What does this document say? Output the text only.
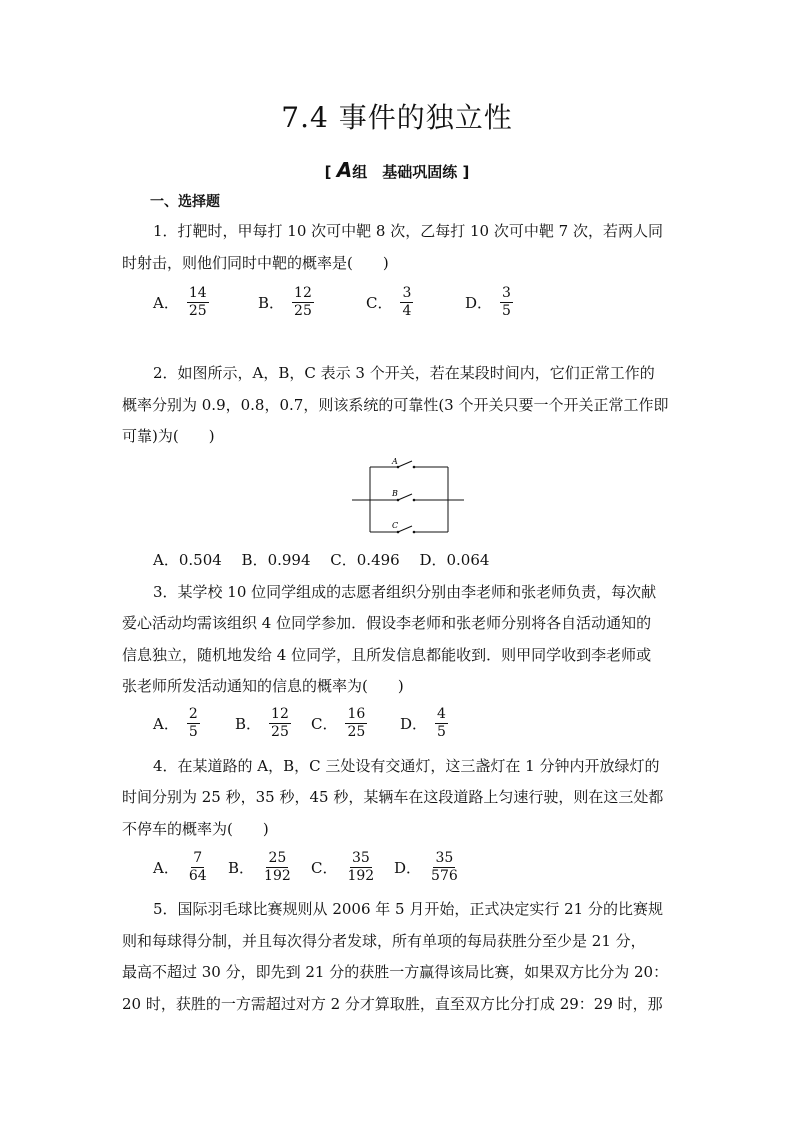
7.4 事件的独立性
[ A组　基础巩固练 ]
一、选择题
1．打靶时，甲每打 10 次可中靶 8 次，乙每打 10 次可中靶 7 次，若两人同
时射击，则他们同时中靶的概率是(　　)
A． $\frac{14}{25}$	B． $\frac{12}{25}$	C． $\frac{3}{4}$	D． $\frac{3}{5}$
2．如图所示，A，B，C 表示 3 个开关，若在某段时间内，它们正常工作的
概率分别为 0.9，0.8，0.7，则该系统的可靠性(3 个开关只要一个开关正常工作即
可靠)为(　　)
A
B
C
A．0.504　 B．0.994　 C．0.496　 D．0.064
3．某学校 10 位同学组成的志愿者组织分别由李老师和张老师负责，每次献
爱心活动均需该组织 4 位同学参加．假设李老师和张老师分别将各自活动通知的
信息独立，随机地发给 4 位同学，且所发信息都能收到．则甲同学收到李老师或
张老师所发活动通知的信息的概率为(　　)
A． $\frac{2}{5}$ B． $\frac{12}{25}$ C． $\frac{16}{25}$ D． $\frac{4}{5}$
4．在某道路的 A，B，C 三处设有交通灯，这三盏灯在 1 分钟内开放绿灯的
时间分别为 25 秒，35 秒，45 秒，某辆车在这段道路上匀速行驶，则在这三处都
不停车的概率为(　　)
A． $\frac{7}{64}$ B． $\frac{25}{192}$ C． $\frac{35}{192}$ D． $\frac{35}{576}$
5．国际羽毛球比赛规则从 2006 年 5 月开始，正式决定实行 21 分的比赛规
则和每球得分制，并且每次得分者发球，所有单项的每局获胜分至少是 21 分，
最高不超过 30 分，即先到 21 分的获胜一方赢得该局比赛，如果双方比分为 20：
20 时，获胜的一方需超过对方 2 分才算取胜，直至双方比分打成 29：29 时，那
